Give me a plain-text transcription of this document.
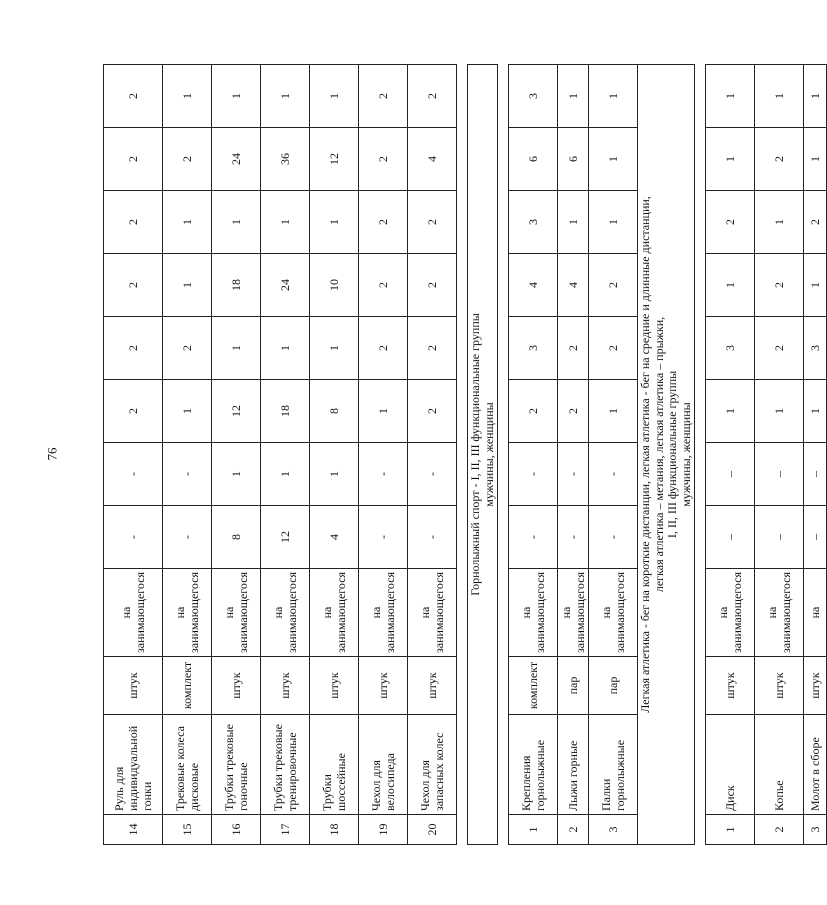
76
14	Руль для индивидуальной гонки	штук	на занимающегося	-	-	2	2	2	2	2	2
15	Трековые колеса дисковые	комплект	на занимающегося	-	-	1	2	1	1	2	1
16	Трубки трековые гоночные	штук	на занимающегося	8	1	12	1	18	1	24	1
17	Трубки трековые тренировочные	штук	на занимающегося	12	1	18	1	24	1	36	1
18	Трубки шоссейные	штук	на занимающегося	4	1	8	1	10	1	12	1
19	Чехол для велосипеда	штук	на занимающегося	-	-	1	2	2	2	2	2
20	Чехол для запасных колес	штук	на занимающегося	-	-	2	2	2	2	4	2

Горнолыжный спорт - I, II, III функциональные группы мужчины, женщины											

1	Крепления горнолыжные	комплект	на занимающегося	-	-	2	3	4	3	6	3
2	Лыжи горные	пар	на занимающегося	-	-	2	2	4	1	6	1
3	Палки горнолыжные	пар	на занимающегося	-	-	1	2	2	1	1	1

Легкая атлетика - бег на короткие дистанции, легкая атлетика - бег на средние и длинные дистанции, легкая атлетика – метания, легкая атлетика – прыжки, I, II, III функциональные группы мужчины, женщины											

1	Диск	штук	на занимающегося	–	–	1	3	1	2	1	1
2	Копье	штук	на занимающегося	–	–	1	2	2	1	2	1
3	Молот в сборе	штук	на	–	–	1	3	1	2	1	1
